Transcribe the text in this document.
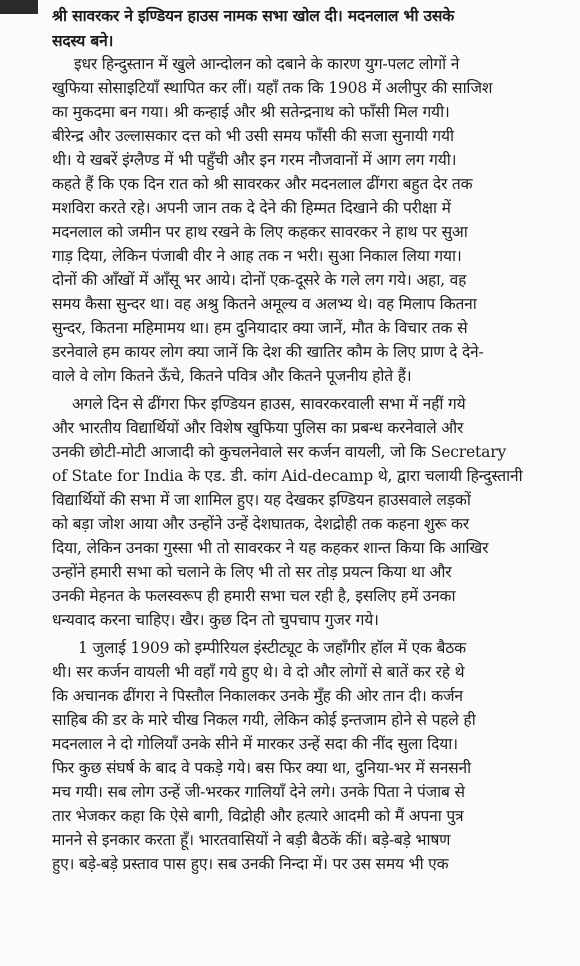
श्री सावरकर ने इण्डियन हाउस नामक सभा खोल दी। मदनलाल भी उसके
सदस्य बने।
इधर हिन्दुस्तान में खुले आन्दोलन को दबाने के कारण युग-पलट लोगों ने
खुफिया सोसाइटियाँ स्थापित कर लीं। यहाँ तक कि 1908 में अलीपुर की साजिश
का मुकदमा बन गया। श्री कन्हाई और श्री सतेन्द्रनाथ को फाँसी मिल गयी।
बीरेन्द्र और उल्लासकार दत्त को भी उसी समय फाँसी की सजा सुनायी गयी
थी। ये खबरें इंग्लैण्ड में भी पहुँची और इन गरम नौजवानों में आग लग गयी।
कहते हैं कि एक दिन रात को श्री सावरकर और मदनलाल ढींगरा बहुत देर तक
मशविरा करते रहे। अपनी जान तक दे देने की हिम्मत दिखाने की परीक्षा में
मदनलाल को जमीन पर हाथ रखने के लिए कहकर सावरकर ने हाथ पर सुआ
गाड़ दिया, लेकिन पंजाबी वीर ने आह तक न भरी। सुआ निकाल लिया गया।
दोनों की आँखों में आँसू भर आये। दोनों एक-दूसरे के गले लग गये। अहा, वह
समय कैसा सुन्दर था। वह अश्रु कितने अमूल्य व अलभ्य थे। वह मिलाप कितना
सुन्दर, कितना महिमामय था। हम दुनियादार क्या जानें, मौत के विचार तक से
डरनेवाले हम कायर लोग क्या जानें कि देश की खातिर कौम के लिए प्राण दे देने-
वाले वे लोग कितने ऊँचे, कितने पवित्र और कितने पूजनीय होते हैं।
अगले दिन से ढींगरा फिर इण्डियन हाउस, सावरकरवाली सभा में नहीं गये
और भारतीय विद्यार्थियों और विशेष खुफिया पुलिस का प्रबन्ध करनेवाले और
उनकी छोटी-मोटी आजादी को कुचलनेवाले सर कर्जन वायली, जो कि Secretary
of State for India के एड. डी. कांग Aid-decamp थे, द्वारा चलायी हिन्दुस्तानी
विद्यार्थियों की सभा में जा शामिल हुए। यह देखकर इण्डियन हाउसवाले लड़कों
को बड़ा जोश आया और उन्होंने उन्हें देशघातक, देशद्रोही तक कहना शुरू कर
दिया, लेकिन उनका गुस्सा भी तो सावरकर ने यह कहकर शान्त किया कि आखिर
उन्होंने हमारी सभा को चलाने के लिए भी तो सर तोड़ प्रयत्न किया था और
उनकी मेहनत के फलस्वरूप ही हमारी सभा चल रही है, इसलिए हमें उनका
धन्यवाद करना चाहिए। खैर। कुछ दिन तो चुपचाप गुजर गये।
1 जुलाई 1909 को इम्पीरियल इंस्टीट्यूट के जहाँगीर हॉल में एक बैठक
थी। सर कर्जन वायली भी वहाँ गये हुए थे। वे दो और लोगों से बातें कर रहे थे
कि अचानक ढींगरा ने पिस्तौल निकालकर उनके मुँह की ओर तान दी। कर्जन
साहिब की डर के मारे चीख निकल गयी, लेकिन कोई इन्तजाम होने से पहले ही
मदनलाल ने दो गोलियाँ उनके सीने में मारकर उन्हें सदा की नींद सुला दिया।
फिर कुछ संघर्ष के बाद वे पकड़े गये। बस फिर क्या था, दुनिया-भर में सनसनी
मच गयी। सब लोग उन्हें जी-भरकर गालियाँ देने लगे। उनके पिता ने पंजाब से
तार भेजकर कहा कि ऐसे बागी, विद्रोही और हत्यारे आदमी को मैं अपना पुत्र
मानने से इनकार करता हूँ। भारतवासियों ने बड़ी बैठकें कीं। बड़े-बड़े भाषण
हुए। बड़े-बड़े प्रस्ताव पास हुए। सब उनकी निन्दा में। पर उस समय भी एक
